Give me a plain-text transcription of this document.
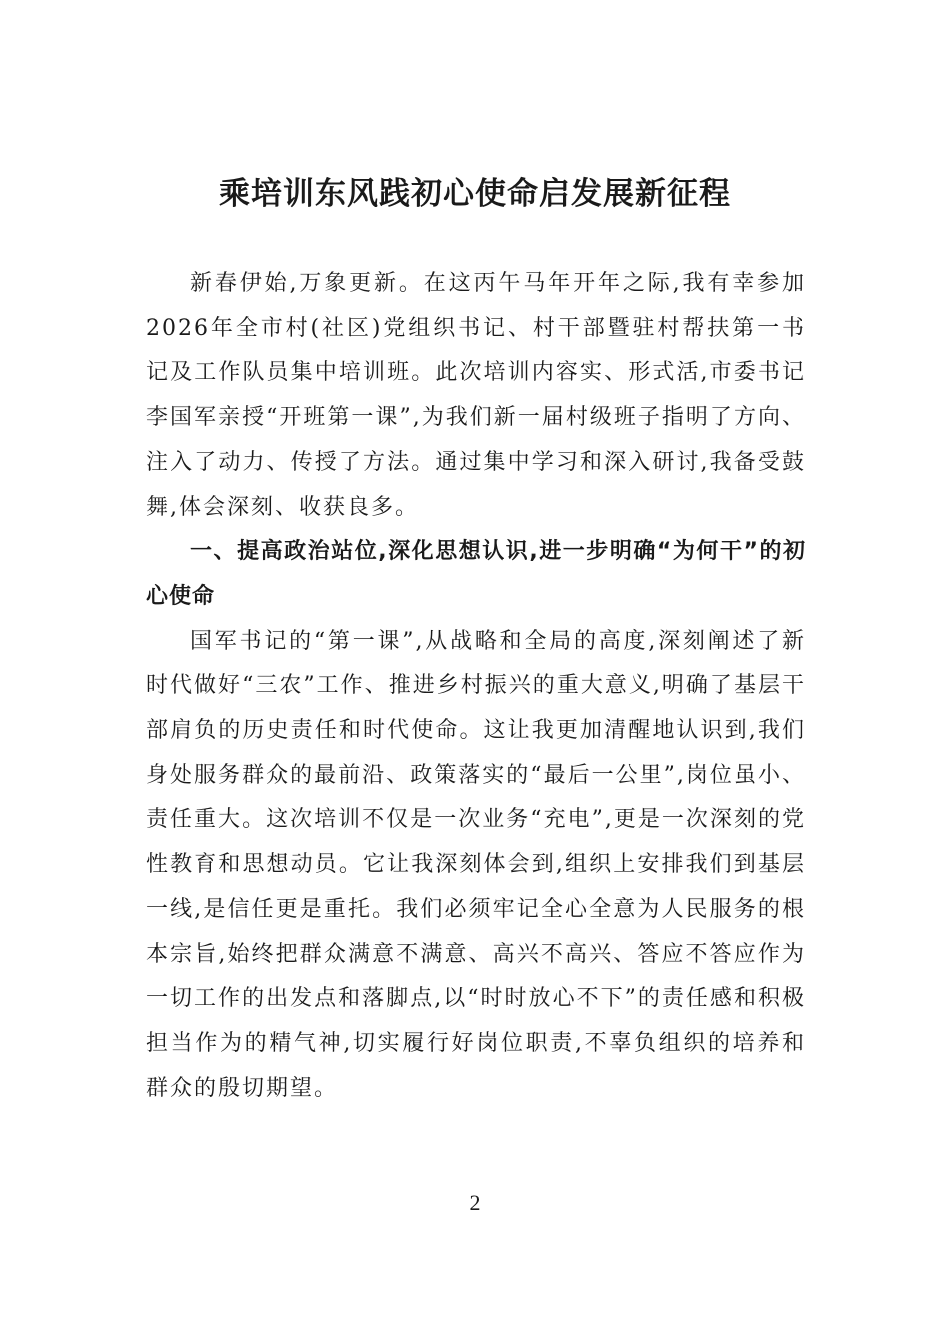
乘培训东风践初心使命启发展新征程

新春伊始,万象更新。在这丙午马年开年之际,我有幸参加2026年全市村(社区)党组织书记、村干部暨驻村帮扶第一书记及工作队员集中培训班。此次培训内容实、形式活,市委书记李国军亲授“开班第一课”,为我们新一届村级班子指明了方向、注入了动力、传授了方法。通过集中学习和深入研讨,我备受鼓舞,体会深刻、收获良多。

一、提高政治站位,深化思想认识,进一步明确“为何干”的初心使命

国军书记的“第一课”,从战略和全局的高度,深刻阐述了新时代做好“三农”工作、推进乡村振兴的重大意义,明确了基层干部肩负的历史责任和时代使命。这让我更加清醒地认识到,我们身处服务群众的最前沿、政策落实的“最后一公里”,岗位虽小、责任重大。这次培训不仅是一次业务“充电”,更是一次深刻的党性教育和思想动员。它让我深刻体会到,组织上安排我们到基层一线,是信任更是重托。我们必须牢记全心全意为人民服务的根本宗旨,始终把群众满意不满意、高兴不高兴、答应不答应作为一切工作的出发点和落脚点,以“时时放心不下”的责任感和积极担当作为的精气神,切实履行好岗位职责,不辜负组织的培养和群众的殷切期望。

2
